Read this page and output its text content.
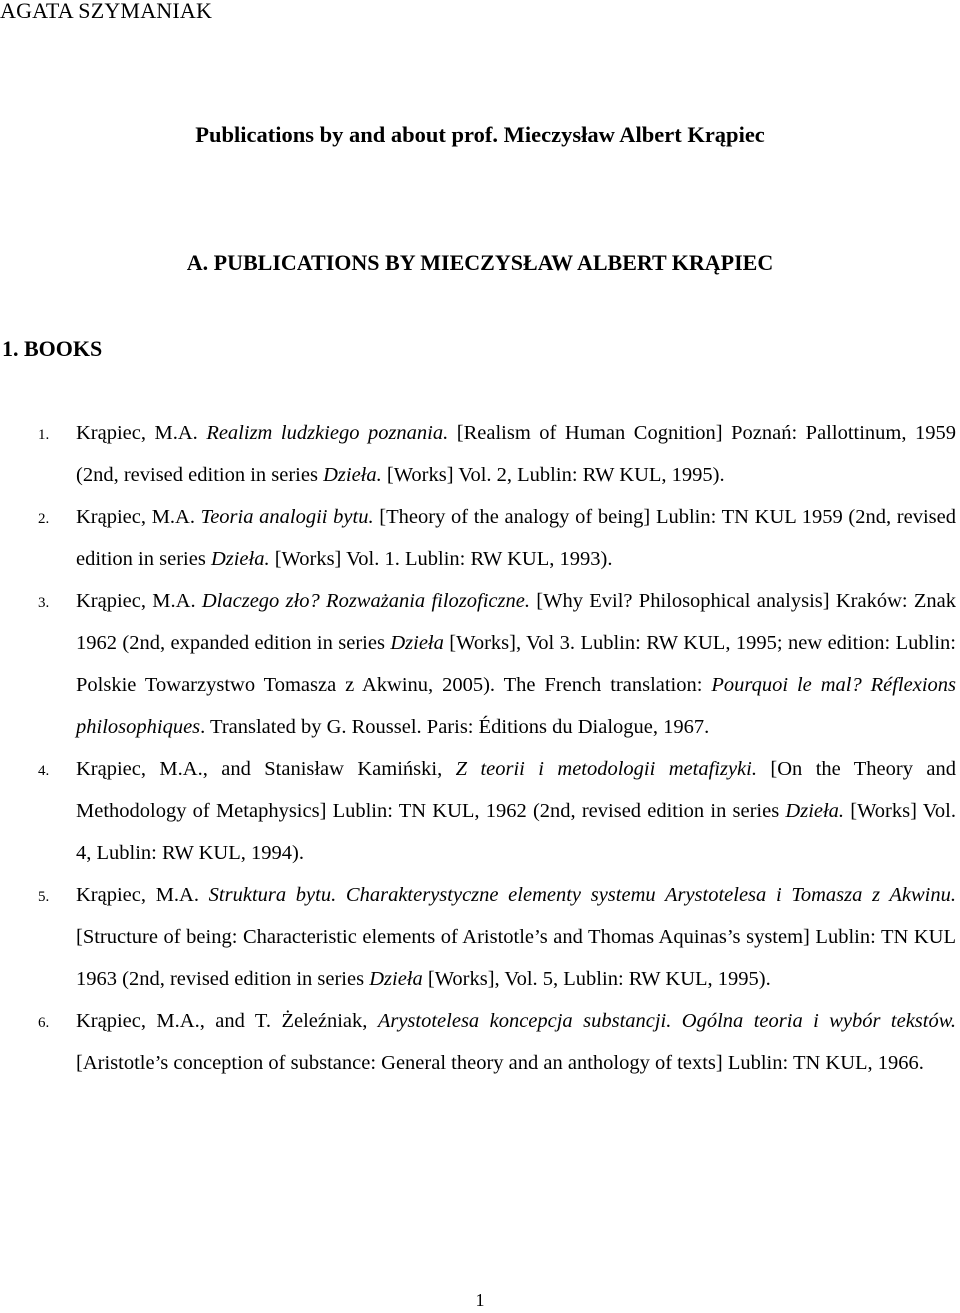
AGATA SZYMANIAK
Publications by and about prof. Mieczysław Albert Krąpiec
A. PUBLICATIONS BY MIECZYSŁAW ALBERT KRĄPIEC
1. BOOKS
1. Krąpiec, M.A. Realizm ludzkiego poznania. [Realism of Human Cognition] Poznań: Pallottinum, 1959 (2nd, revised edition in series Dzieła. [Works] Vol. 2, Lublin: RW KUL, 1995).
2. Krąpiec, M.A. Teoria analogii bytu. [Theory of the analogy of being] Lublin: TN KUL 1959 (2nd, revised edition in series Dzieła. [Works] Vol. 1. Lublin: RW KUL, 1993).
3. Krąpiec, M.A. Dlaczego zło? Rozważania filozoficzne. [Why Evil? Philosophical analysis] Kraków: Znak 1962 (2nd, expanded edition in series Dzieła [Works], Vol 3. Lublin: RW KUL, 1995; new edition: Lublin: Polskie Towarzystwo Tomasza z Akwinu, 2005). The French translation: Pourquoi le mal? Réflexions philosophiques. Translated by G. Roussel. Paris: Éditions du Dialogue, 1967.
4. Krąpiec, M.A., and Stanisław Kamiński, Z teorii i metodologii metafizyki. [On the Theory and Methodology of Metaphysics] Lublin: TN KUL, 1962 (2nd, revised edition in series Dzieła. [Works] Vol. 4, Lublin: RW KUL, 1994).
5. Krąpiec, M.A. Struktura bytu. Charakterystyczne elementy systemu Arystotelesa i Tomasza z Akwinu. [Structure of being: Characteristic elements of Aristotle’s and Thomas Aquinas’s system] Lublin: TN KUL 1963 (2nd, revised edition in series Dzieła [Works], Vol. 5, Lublin: RW KUL, 1995).
6. Krąpiec, M.A., and T. Żeleźniak, Arystotelesa koncepcja substancji. Ogólna teoria i wybór tekstów. [Aristotle’s conception of substance: General theory and an anthology of texts] Lublin: TN KUL, 1966.
1
